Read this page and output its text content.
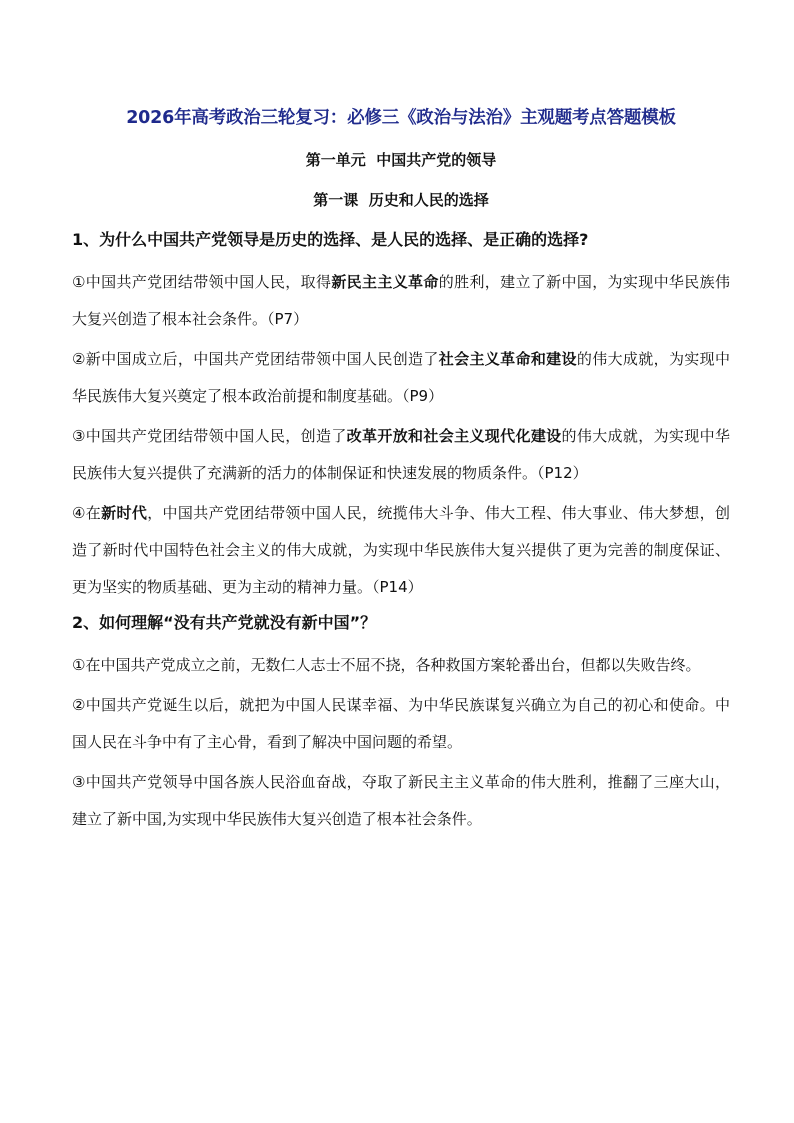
2026年高考政治三轮复习：必修三《政治与法治》主观题考点答题模板
第一单元  中国共产党的领导
第一课  历史和人民的选择
1、为什么中国共产党领导是历史的选择、是人民的选择、是正确的选择?

①中国共产党团结带领中国人民，取得新民主主义革命的胜利，建立了新中国，为实现中华民族伟大复兴创造了根本社会条件。（P7）

②新中国成立后，中国共产党团结带领中国人民创造了社会主义革命和建设的伟大成就，为实现中华民族伟大复兴奠定了根本政治前提和制度基础。（P9）

③中国共产党团结带领中国人民，创造了改革开放和社会主义现代化建设的伟大成就，为实现中华民族伟大复兴提供了充满新的活力的体制保证和快速发展的物质条件。（P12）

④在新时代，中国共产党团结带领中国人民，统揽伟大斗争、伟大工程、伟大事业、伟大梦想，创造了新时代中国特色社会主义的伟大成就，为实现中华民族伟大复兴提供了更为完善的制度保证、更为坚实的物质基础、更为主动的精神力量。（P14）

2、如何理解“没有共产党就没有新中国”？

①在中国共产党成立之前，无数仁人志士不屈不挠，各种救国方案轮番出台，但都以失败告终。

②中国共产党诞生以后，就把为中国人民谋幸福、为中华民族谋复兴确立为自己的初心和使命。中国人民在斗争中有了主心骨，看到了解决中国问题的希望。

③中国共产党领导中国各族人民浴血奋战，夺取了新民主主义革命的伟大胜利，推翻了三座大山，建立了新中国,为实现中华民族伟大复兴创造了根本社会条件。
